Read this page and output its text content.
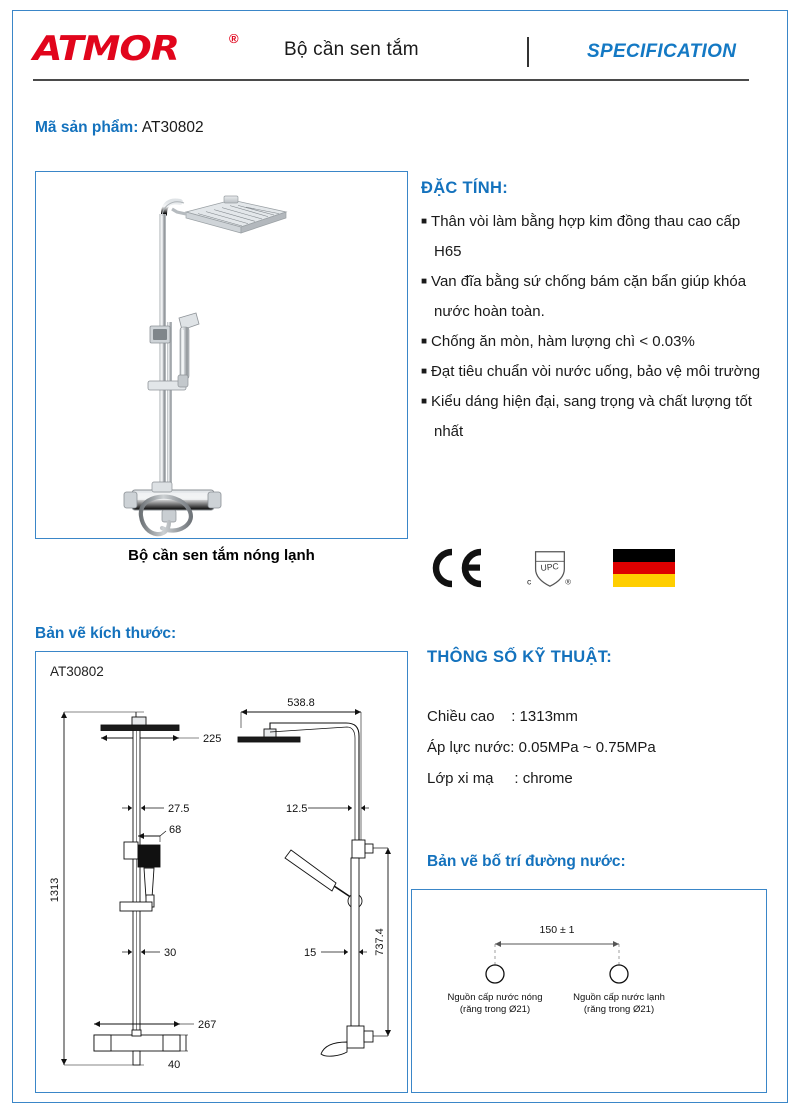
ATMOR	®
Bộ cần sen tắm	SPECIFICATION
Mã sản phẩm: AT30802
Bộ cần sen tắm nóng lạnh
ĐẶC TÍNH:
■ Thân vòi làm bằng hợp kim đồng thau cao cấp H65
■ Van đĩa bằng sứ chống bám cặn bẩn giúp khóa nước hoàn toàn.
■ Chống ăn mòn, hàm lượng chì < 0.03%
■ Đạt tiêu chuẩn vòi nước uống, bảo vệ môi trường
■ Kiểu dáng hiện đại, sang trọng và chất lượng tốt nhất
UPC
c	®
Bản vẽ kích thước:
AT30802
1313
225
27.5
68
30
267
40
538.8
12.5
15	737.4
THÔNG SỐ KỸ THUẬT:
Chiều cao    : 1313mm
Áp lực nước: 0.05MPa ~ 0.75MPa
Lớp xi mạ     : chrome
Bản vẽ bố trí đường nước:
150 ± 1
Nguồn cấp nước nóng
(răng trong Ø21)
Nguồn cấp nước lạnh
(răng trong Ø21)
